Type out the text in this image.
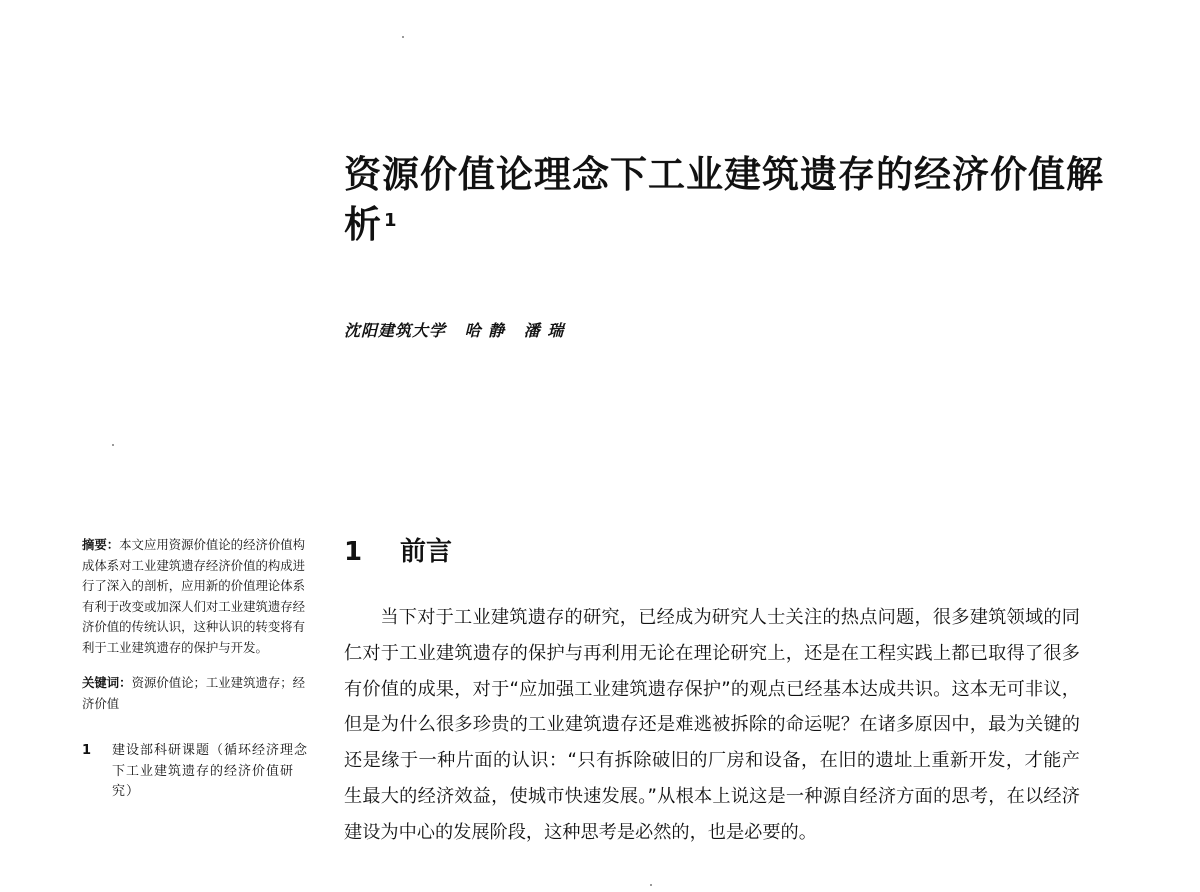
资源价值论理念下工业建筑遗存的经济价值解析 $^1$
沈阳建筑大学 哈 静 潘 瑞
摘要：本文应用资源价值论的经济价值构成体系对工业建筑遗存经济价值的构成进行了深入的剖析，应用新的价值理论体系有利于改变或加深人们对工业建筑遗存经济价值的传统认识，这种认识的转变将有利于工业建筑遗存的保护与开发。
关键词：资源价值论；工业建筑遗存；经济价值
1	建设部科研课题（循环经济理念下工业建筑遗存的经济价值研究）
1 前言

当下对于工业建筑遗存的研究，已经成为研究人士关注的热点问题，很多建筑领域的同仁对于工业建筑遗存的保护与再利用无论在理论研究上，还是在工程实践上都已取得了很多有价值的成果，对于“应加强工业建筑遗存保护”的观点已经基本达成共识。这本无可非议，但是为什么很多珍贵的工业建筑遗存还是难逃被拆除的命运呢？在诸多原因中，最为关键的还是缘于一种片面的认识：“只有拆除破旧的厂房和设备，在旧的遗址上重新开发，才能产生最大的经济效益，使城市快速发展。”从根本上说这是一种源自经济方面的思考，在以经济建设为中心的发展阶段，这种思考是必然的，也是必要的。
